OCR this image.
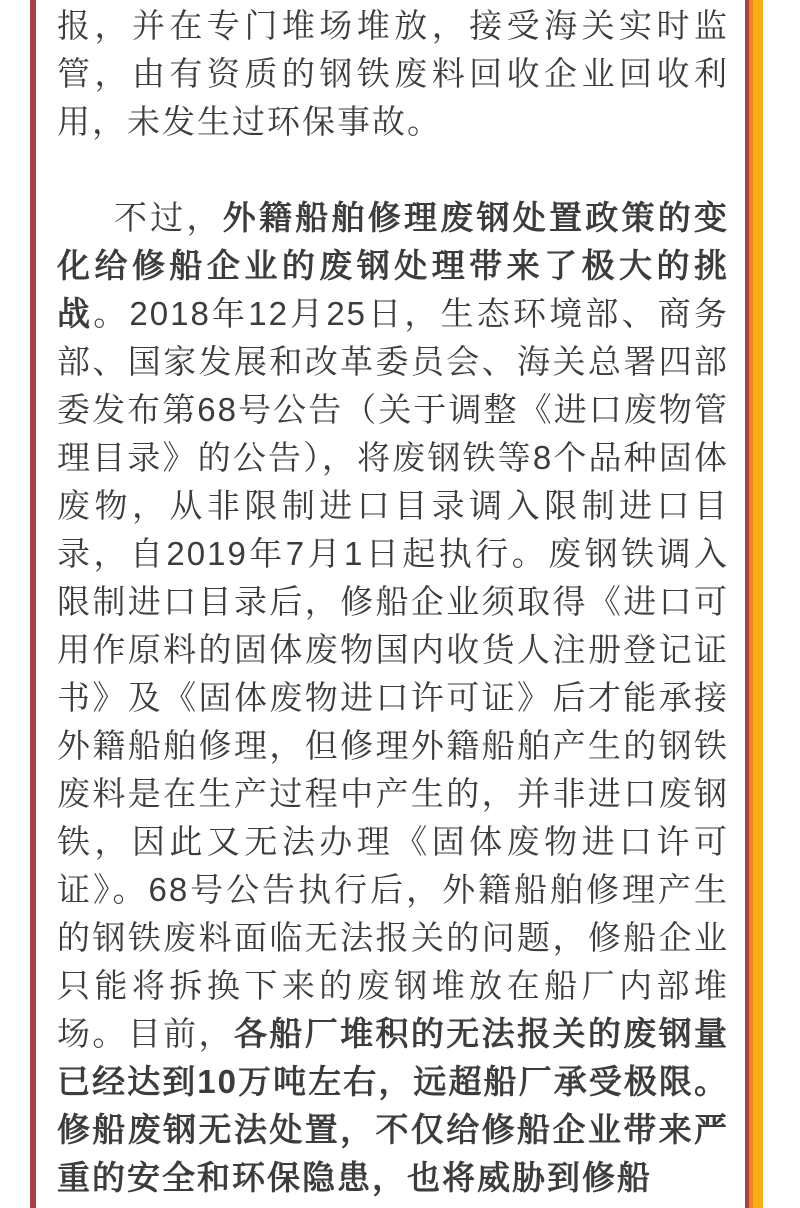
报，并在专门堆场堆放，接受海关实时监管，由有资质的钢铁废料回收企业回收利用，未发生过环保事故。

不过，外籍船舶修理废钢处置政策的变化给修船企业的废钢处理带来了极大的挑战。2018年12月25日，生态环境部、商务部、国家发展和改革委员会、海关总署四部委发布第68号公告（关于调整《进口废物管理目录》的公告），将废钢铁等8个品种固体废物，从非限制进口目录调入限制进口目录，自2019年7月1日起执行。废钢铁调入限制进口目录后，修船企业须取得《进口可用作原料的固体废物国内收货人注册登记证书》及《固体废物进口许可证》后才能承接外籍船舶修理，但修理外籍船舶产生的钢铁废料是在生产过程中产生的，并非进口废钢铁，因此又无法办理《固体废物进口许可证》。68号公告执行后，外籍船舶修理产生的钢铁废料面临无法报关的问题，修船企业只能将拆换下来的废钢堆放在船厂内部堆场。目前，各船厂堆积的无法报关的废钢量已经达到10万吨左右，远超船厂承受极限。修船废钢无法处置，不仅给修船企业带来严重的安全和环保隐患，也将威胁到修船
